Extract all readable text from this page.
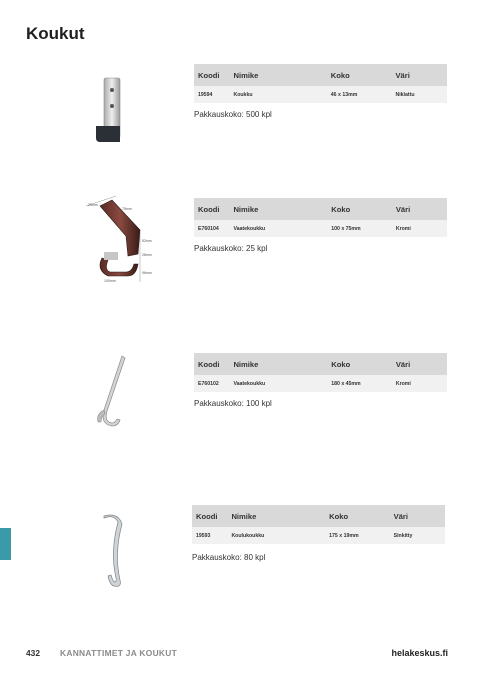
Koukut
Koodi	Nimike	Koko	Väri
19594	Koukku	46 x 13mm	Niklattu
Pakkauskoko: 500 kpl
25mm
75mm
52mm
28mm
96mm
100mm
Koodi	Nimike	Koko	Väri
E760104	Vaatekoukku	100 x 75mm	Kromi
Pakkauskoko: 25 kpl
Koodi	Nimike	Koko	Väri
E760102	Vaatekoukku	180 x 45mm	Kromi
Pakkauskoko: 100 kpl
Koodi	Nimike	Koko	Väri
19593	Koulukoukku	175 x 19mm	Sinkitty
Pakkauskoko: 80 kpl
432 KANNATTIMET JA KOUKUT	helakeskus.fi
